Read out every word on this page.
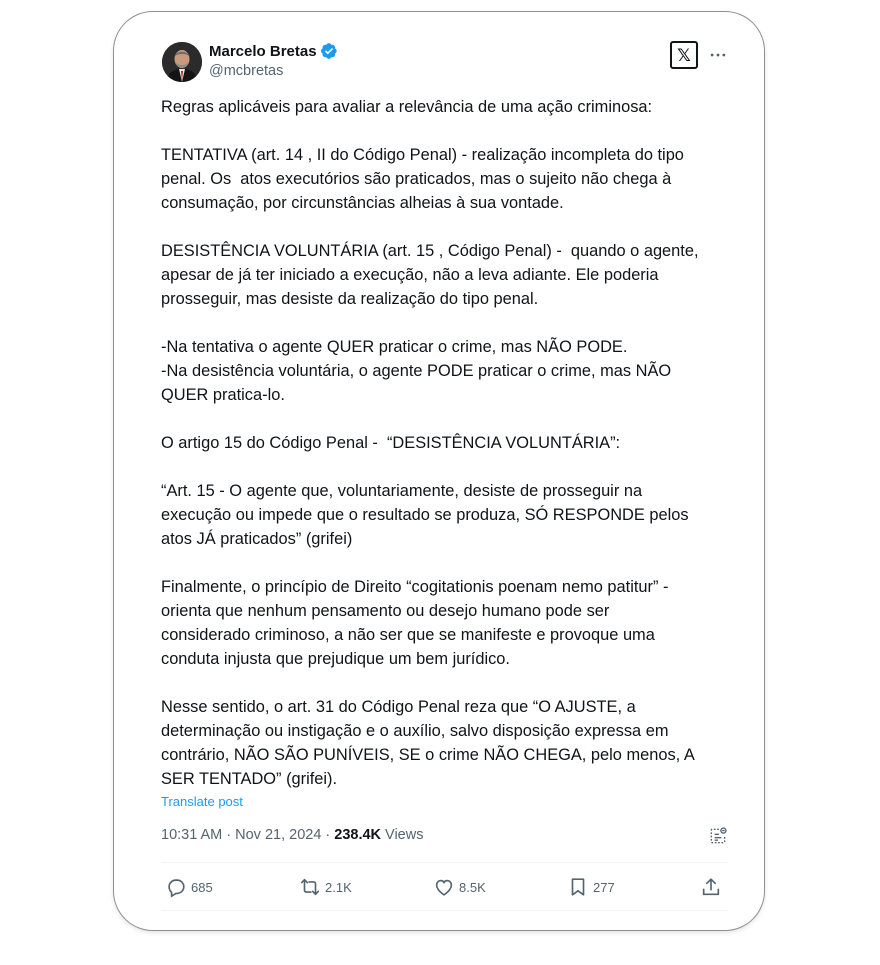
Marcelo Bretas
@mcbretas
𝕏

Regras aplicáveis para avaliar a relevância de uma ação criminosa:

TENTATIVA (art. 14 , II do Código Penal) - realização incompleta do tipo
penal. Os  atos executórios são praticados, mas o sujeito não chega à
consumação, por circunstâncias alheias à sua vontade.

DESISTÊNCIA VOLUNTÁRIA (art. 15 , Código Penal) -  quando o agente,
apesar de já ter iniciado a execução, não a leva adiante. Ele poderia
prosseguir, mas desiste da realização do tipo penal.

-Na tentativa o agente QUER praticar o crime, mas NÃO PODE.
-Na desistência voluntária, o agente PODE praticar o crime, mas NÃO
QUER pratica-lo.

O artigo 15 do Código Penal -  “DESISTÊNCIA VOLUNTÁRIA”:

“Art. 15 - O agente que, voluntariamente, desiste de prosseguir na
execução ou impede que o resultado se produza, SÓ RESPONDE pelos
atos JÁ praticados” (grifei)

Finalmente, o princípio de Direito “cogitationis poenam nemo patitur” -
orienta que nenhum pensamento ou desejo humano pode ser
considerado criminoso, a não ser que se manifeste e provoque uma
conduta injusta que prejudique um bem jurídico.

Nesse sentido, o art. 31 do Código Penal reza que “O AJUSTE, a
determinação ou instigação e o auxílio, salvo disposição expressa em
contrário, NÃO SÃO PUNÍVEIS, SE o crime NÃO CHEGA, pelo menos, A
SER TENTADO” (grifei).

Translate post
10:31 AM · Nov 21, 2024 · 238.4K Views
685	2.1K	8.5K	277
